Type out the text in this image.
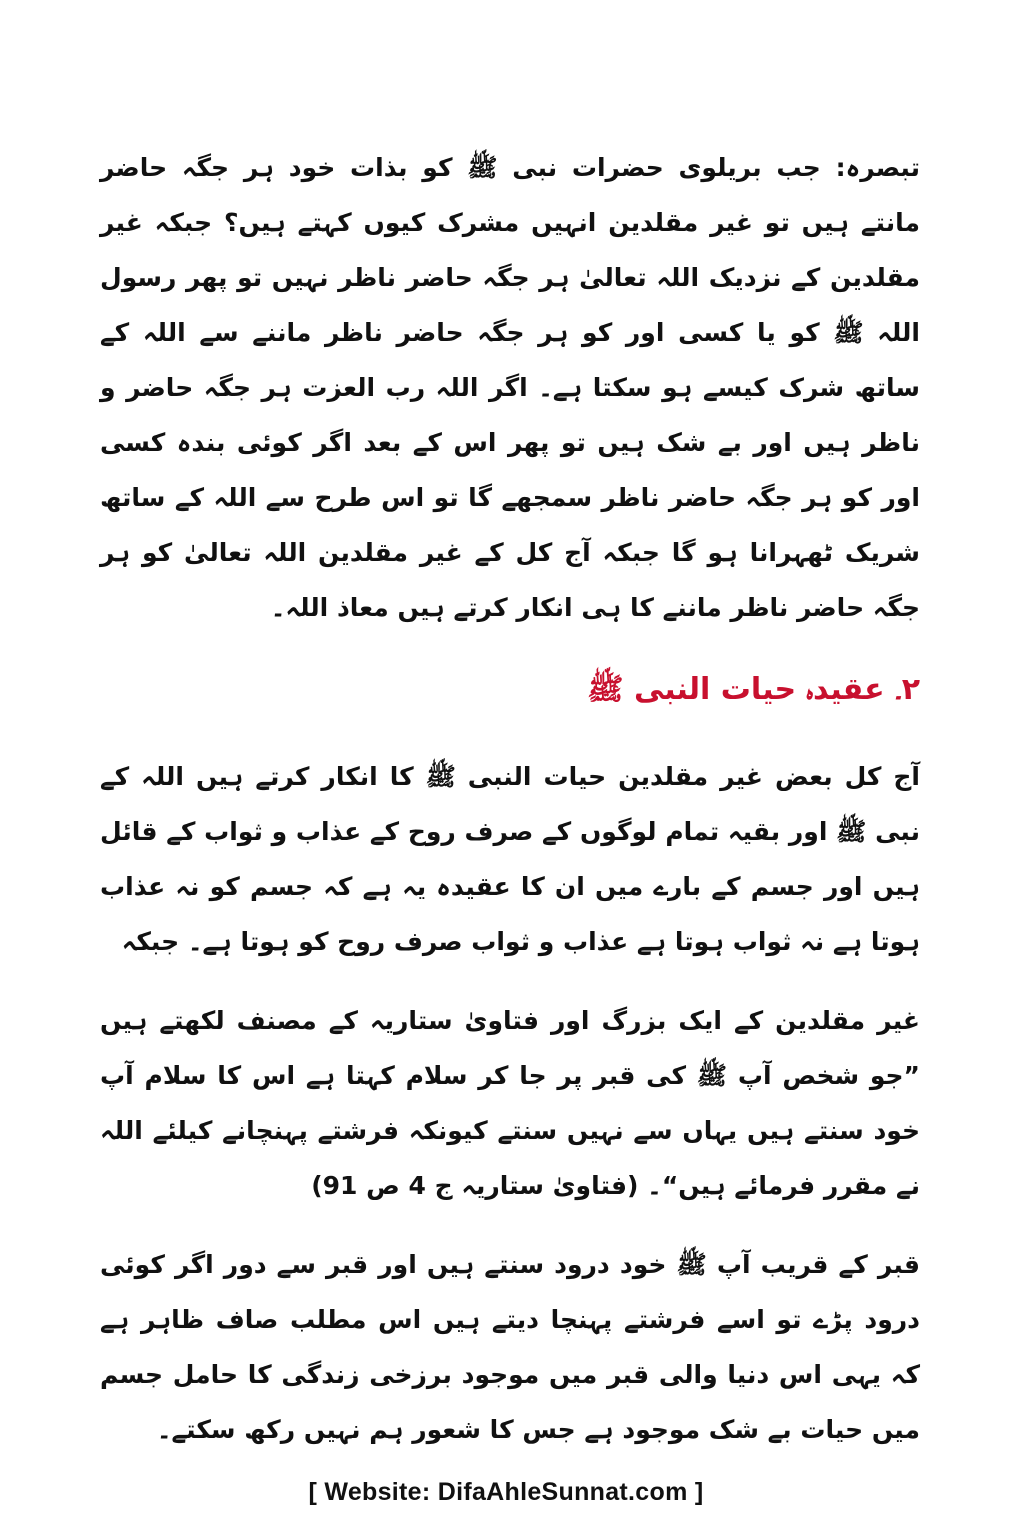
تبصرہ: جب بریلوی حضرات نبی ﷺ کو بذات خود ہر جگہ حاضر مانتے ہیں تو غیر مقلدین انہیں مشرک کیوں کہتے ہیں؟ جبکہ غیر مقلدین کے نزدیک اللہ تعالیٰ ہر جگہ حاضر ناظر نہیں تو پھر رسول اللہ ﷺ کو یا کسی اور کو ہر جگہ حاضر ناظر ماننے سے اللہ کے ساتھ شرک کیسے ہو سکتا ہے۔ اگر اللہ رب العزت ہر جگہ حاضر و ناظر ہیں اور بے شک ہیں تو پھر اس کے بعد اگر کوئی بندہ کسی اور کو ہر جگہ حاضر ناظر سمجھے گا تو اس طرح سے اللہ کے ساتھ شریک ٹھہرانا ہو گا جبکہ آج کل کے غیر مقلدین اللہ تعالیٰ کو ہر جگہ حاضر ناظر ماننے کا ہی انکار کرتے ہیں معاذ اللہ۔

۲۔ عقیدہ حیات النبی ﷺ

آج کل بعض غیر مقلدین حیات النبی ﷺ کا انکار کرتے ہیں اللہ کے نبی ﷺ اور بقیہ تمام لوگوں کے صرف روح کے عذاب و ثواب کے قائل ہیں اور جسم کے بارے میں ان کا عقیدہ یہ ہے کہ جسم کو نہ عذاب ہوتا ہے نہ ثواب ہوتا ہے عذاب و ثواب صرف روح کو ہوتا ہے۔ جبکہ

غیر مقلدین کے ایک بزرگ اور فتاویٰ ستاریہ کے مصنف لکھتے ہیں ”جو شخص آپ ﷺ کی قبر پر جا کر سلام کہتا ہے اس کا سلام آپ خود سنتے ہیں یہاں سے نہیں سنتے کیونکہ فرشتے پہنچانے کیلئے اللہ نے مقرر فرمائے ہیں“۔ (فتاویٰ ستاریہ ج 4 ص 91)

قبر کے قریب آپ ﷺ خود درود سنتے ہیں اور قبر سے دور اگر کوئی درود پڑے تو اسے فرشتے پہنچا دیتے ہیں اس مطلب صاف ظاہر ہے کہ یہی اس دنیا والی قبر میں موجود برزخی زندگی کا حامل جسم میں حیات بے شک موجود ہے جس کا شعور ہم نہیں رکھ سکتے۔

[ Website: DifaAhleSunnat.com ]
